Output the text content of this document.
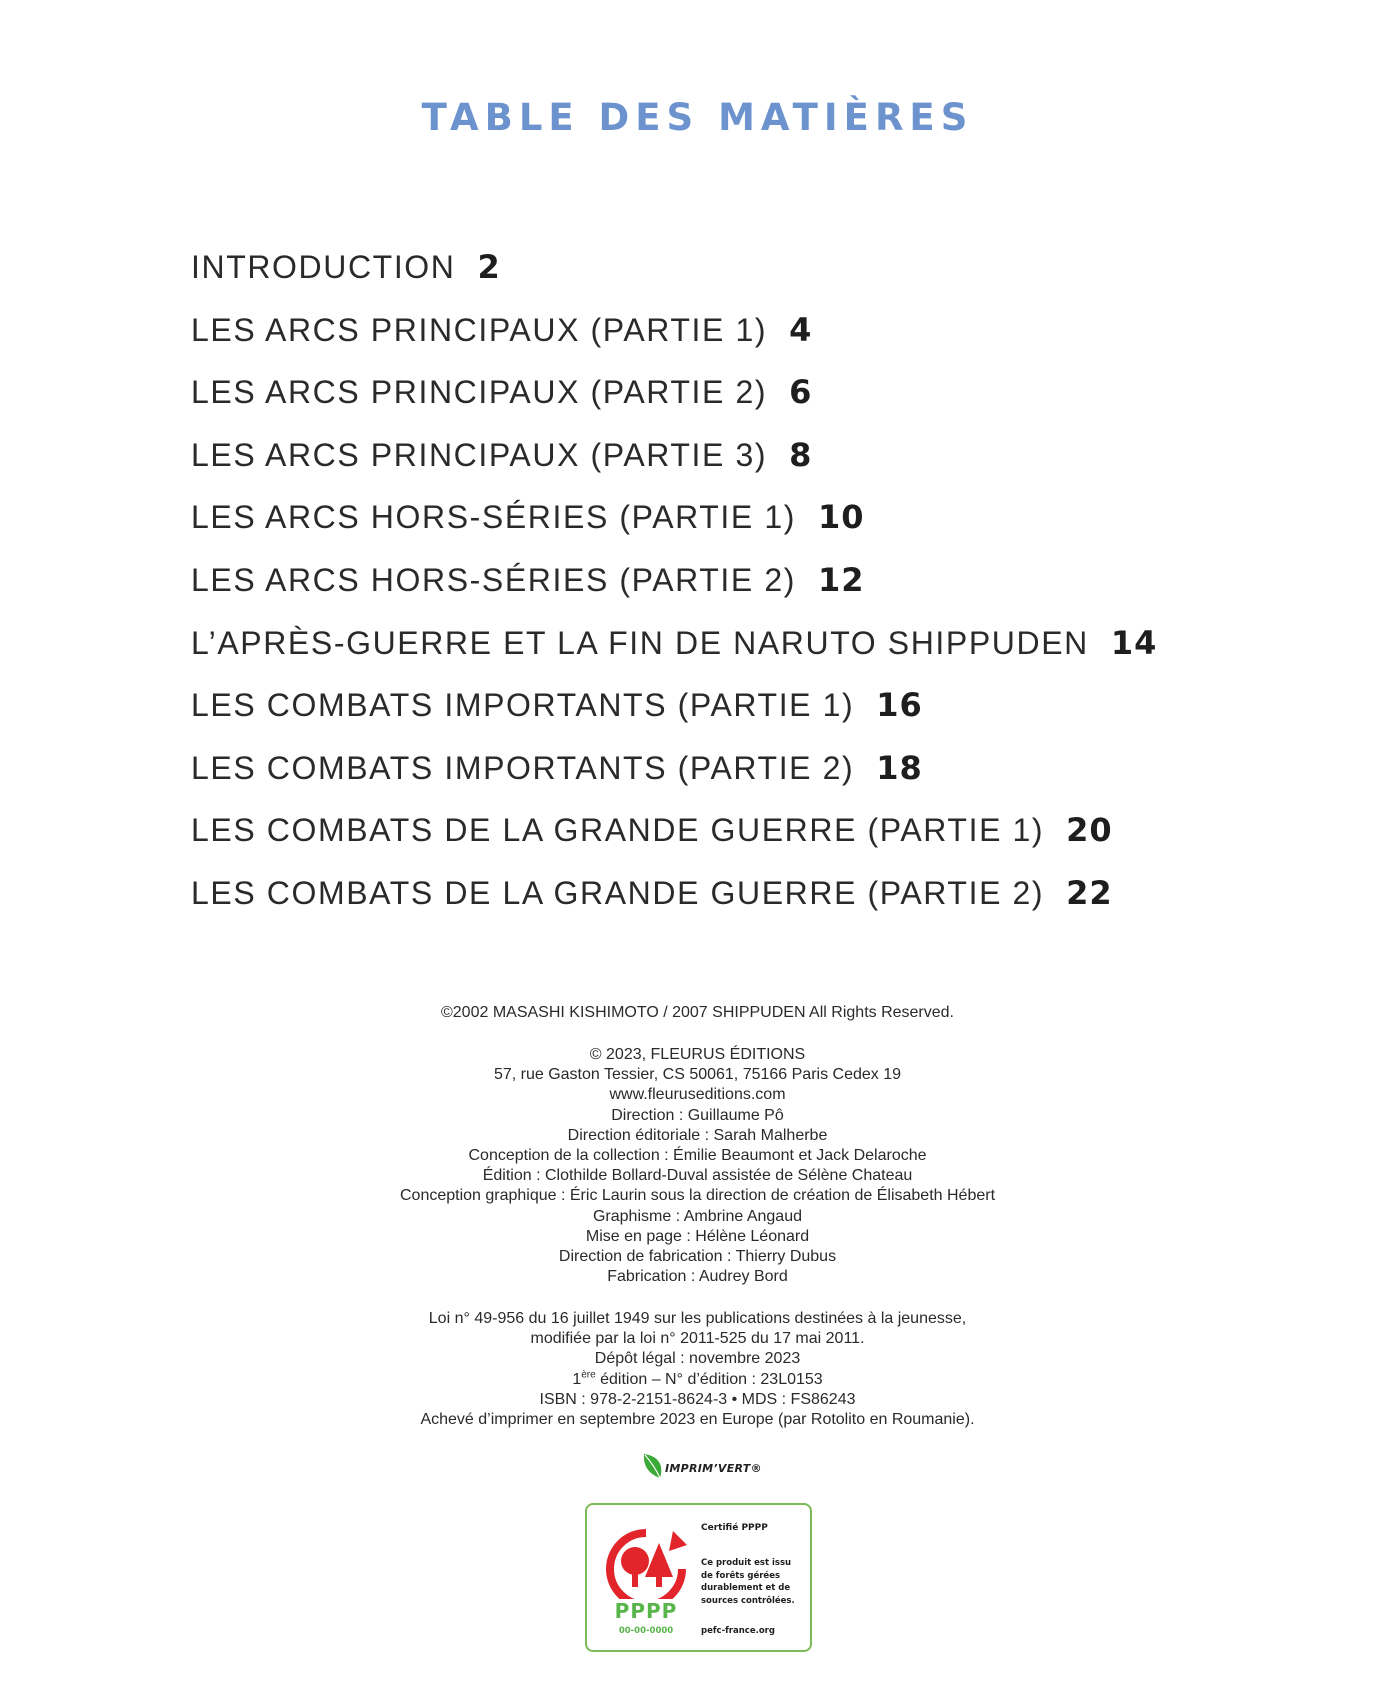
TABLE DES MATIÈRES
INTRODUCTION 2
LES ARCS PRINCIPAUX (PARTIE 1) 4
LES ARCS PRINCIPAUX (PARTIE 2) 6
LES ARCS PRINCIPAUX (PARTIE 3) 8
LES ARCS HORS-SÉRIES (PARTIE 1) 10
LES ARCS HORS-SÉRIES (PARTIE 2) 12
L’APRÈS-GUERRE ET LA FIN DE NARUTO SHIPPUDEN 14
LES COMBATS IMPORTANTS (PARTIE 1) 16
LES COMBATS IMPORTANTS (PARTIE 2) 18
LES COMBATS DE LA GRANDE GUERRE (PARTIE 1) 20
LES COMBATS DE LA GRANDE GUERRE (PARTIE 2) 22
©2002 MASASHI KISHIMOTO / 2007 SHIPPUDEN All Rights Reserved.
© 2023, FLEURUS ÉDITIONS
57, rue Gaston Tessier, CS 50061, 75166 Paris Cedex 19
www.fleuruseditions.com
Direction : Guillaume Pô
Direction éditoriale : Sarah Malherbe
Conception de la collection : Émilie Beaumont et Jack Delaroche
Édition : Clothilde Bollard-Duval assistée de Sélène Chateau
Conception graphique : Éric Laurin sous la direction de création de Élisabeth Hébert
Graphisme : Ambrine Angaud
Mise en page : Hélène Léonard
Direction de fabrication : Thierry Dubus
Fabrication : Audrey Bord
Loi n° 49-956 du 16 juillet 1949 sur les publications destinées à la jeunesse,
modifiée par la loi n° 2011-525 du 17 mai 2011.
Dépôt légal : novembre 2023
1ère édition – N° d’édition : 23L0153
ISBN : 978-2-2151-8624-3 • MDS : FS86243
Achevé d’imprimer en septembre 2023 en Europe (par Rotolito en Roumanie).
IMPRIM’VERT®
PPPP
00-00-0000
Certifié PPPP
Ce produit est issu
de forêts gérées
durablement et de
sources contrôlées.
pefc-france.org
